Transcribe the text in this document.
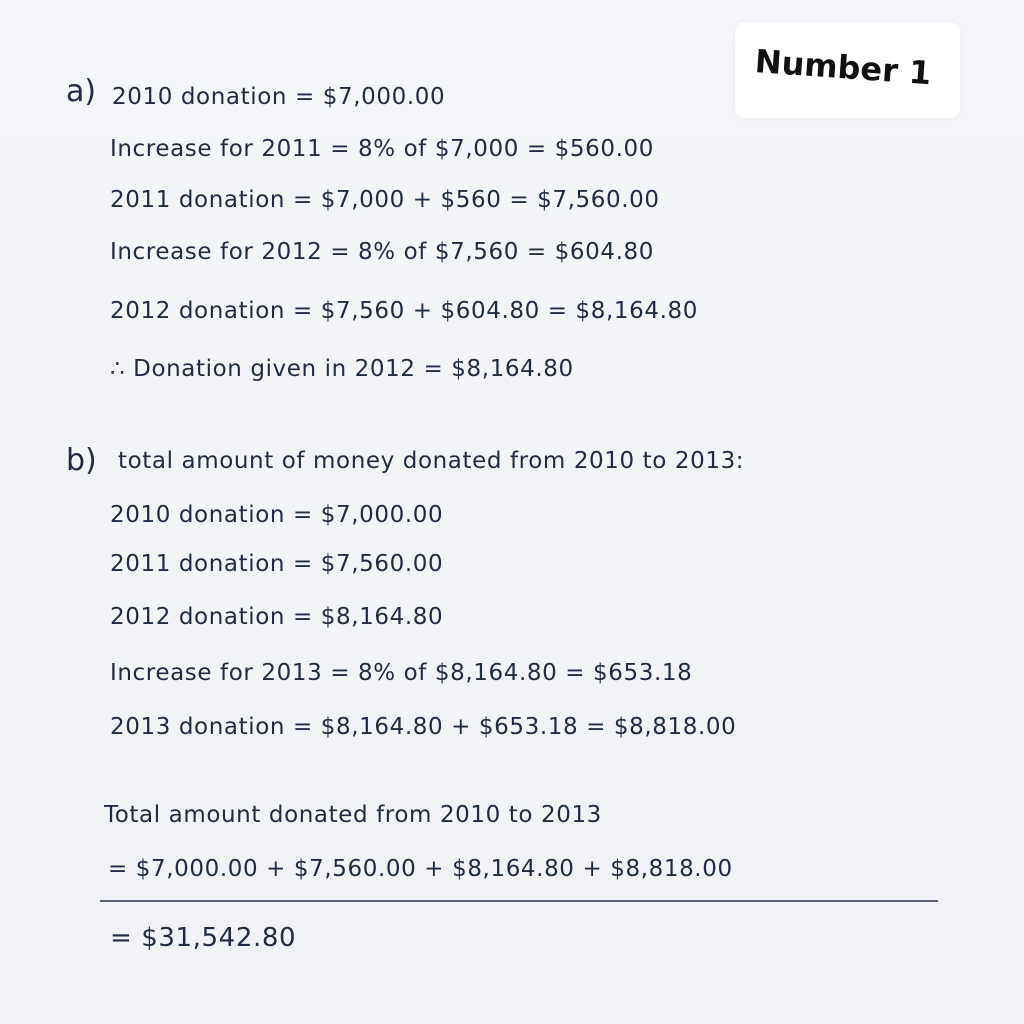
Number 1
a) 2010 donation = $7,000.00
Increase for 2011 = 8% of $7,000 = $560.00
2011 donation = $7,000 + $560 = $7,560.00
Increase for 2012 = 8% of $7,560 = $604.80
2012 donation = $7,560 + $604.80 = $8,164.80
∴ Donation given in 2012 = $8,164.80
b) total amount of money donated from 2010 to 2013:
2010 donation = $7,000.00
2011 donation = $7,560.00
2012 donation = $8,164.80
Increase for 2013 = 8% of $8,164.80 = $653.18
2013 donation = $8,164.80 + $653.18 = $8,818.00
Total amount donated from 2010 to 2013
= $7,000.00 + $7,560.00 + $8,164.80 + $8,818.00
= $31,542.80
